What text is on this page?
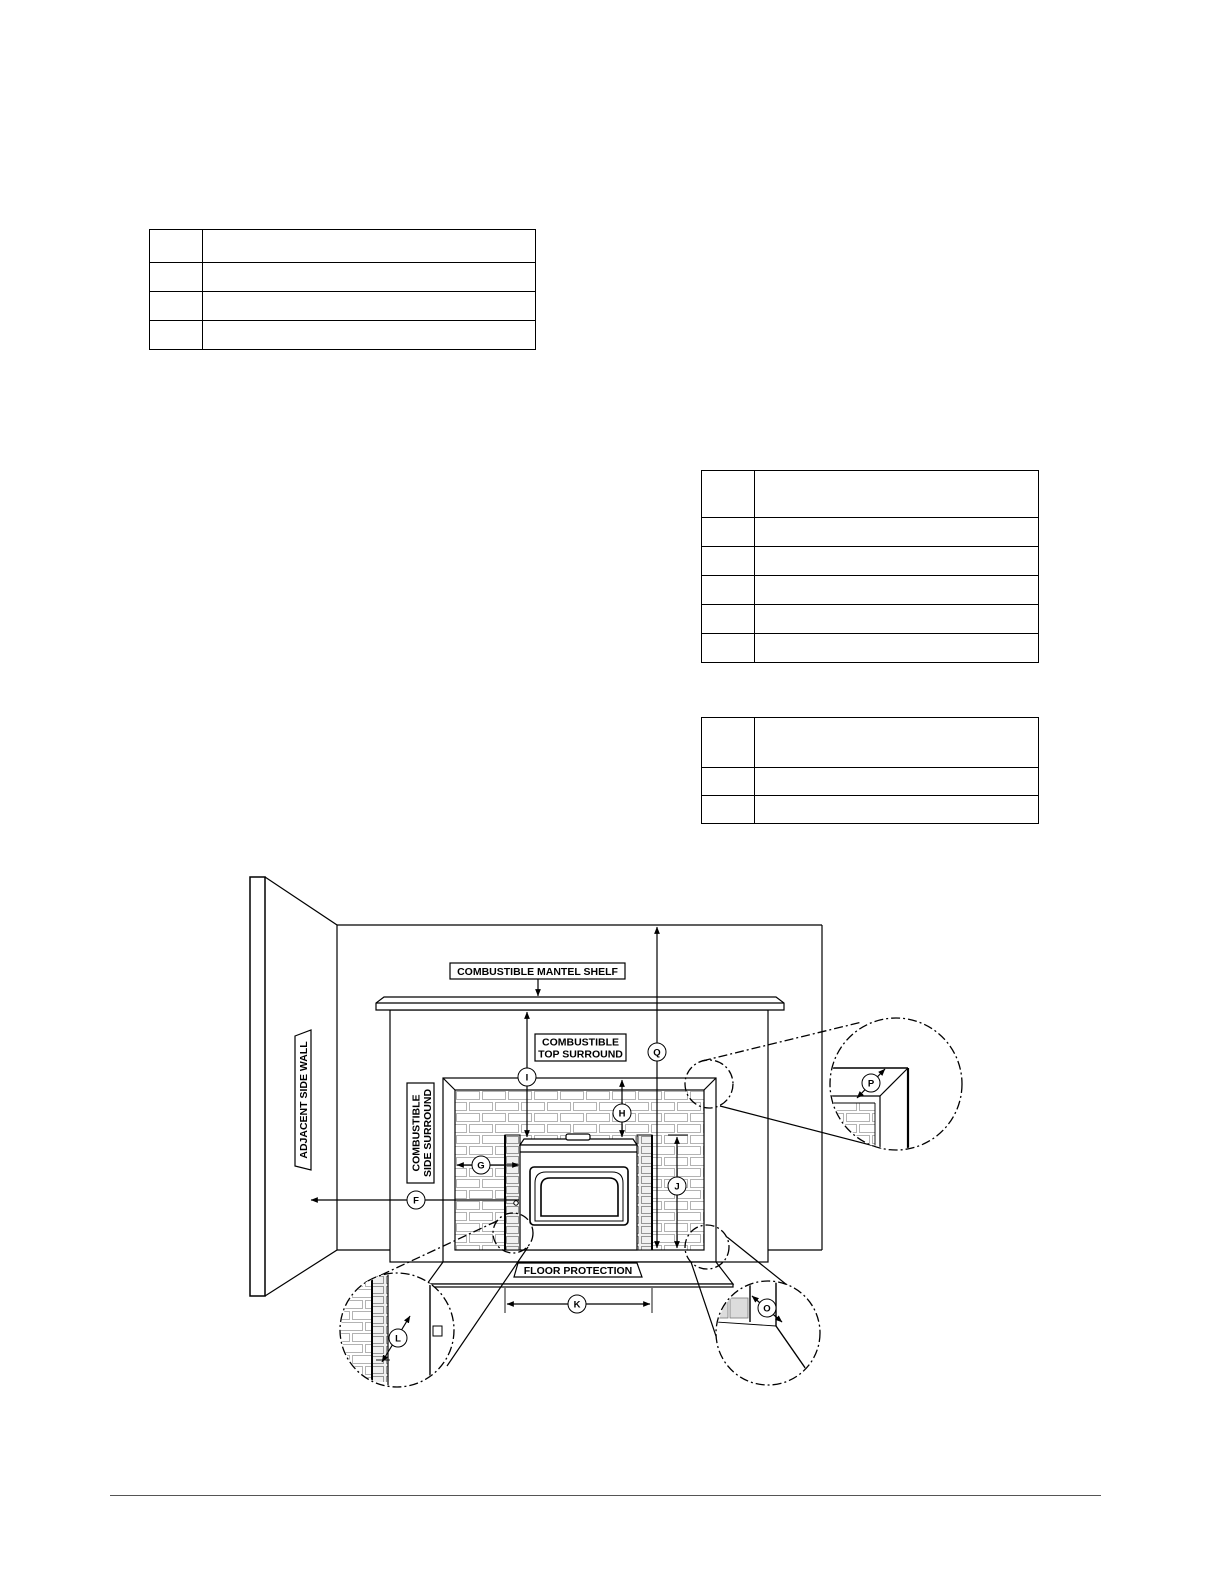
ADJACENT SIDE WALL
FLOOR PROTECTION
COMBUSTIBLE MANTEL SHELF
COMBUSTIBLE
TOP SURROUND
COMBUSTIBLE SIDE SURROUND
Q
I
H
G
J
F
K
P
O
L
